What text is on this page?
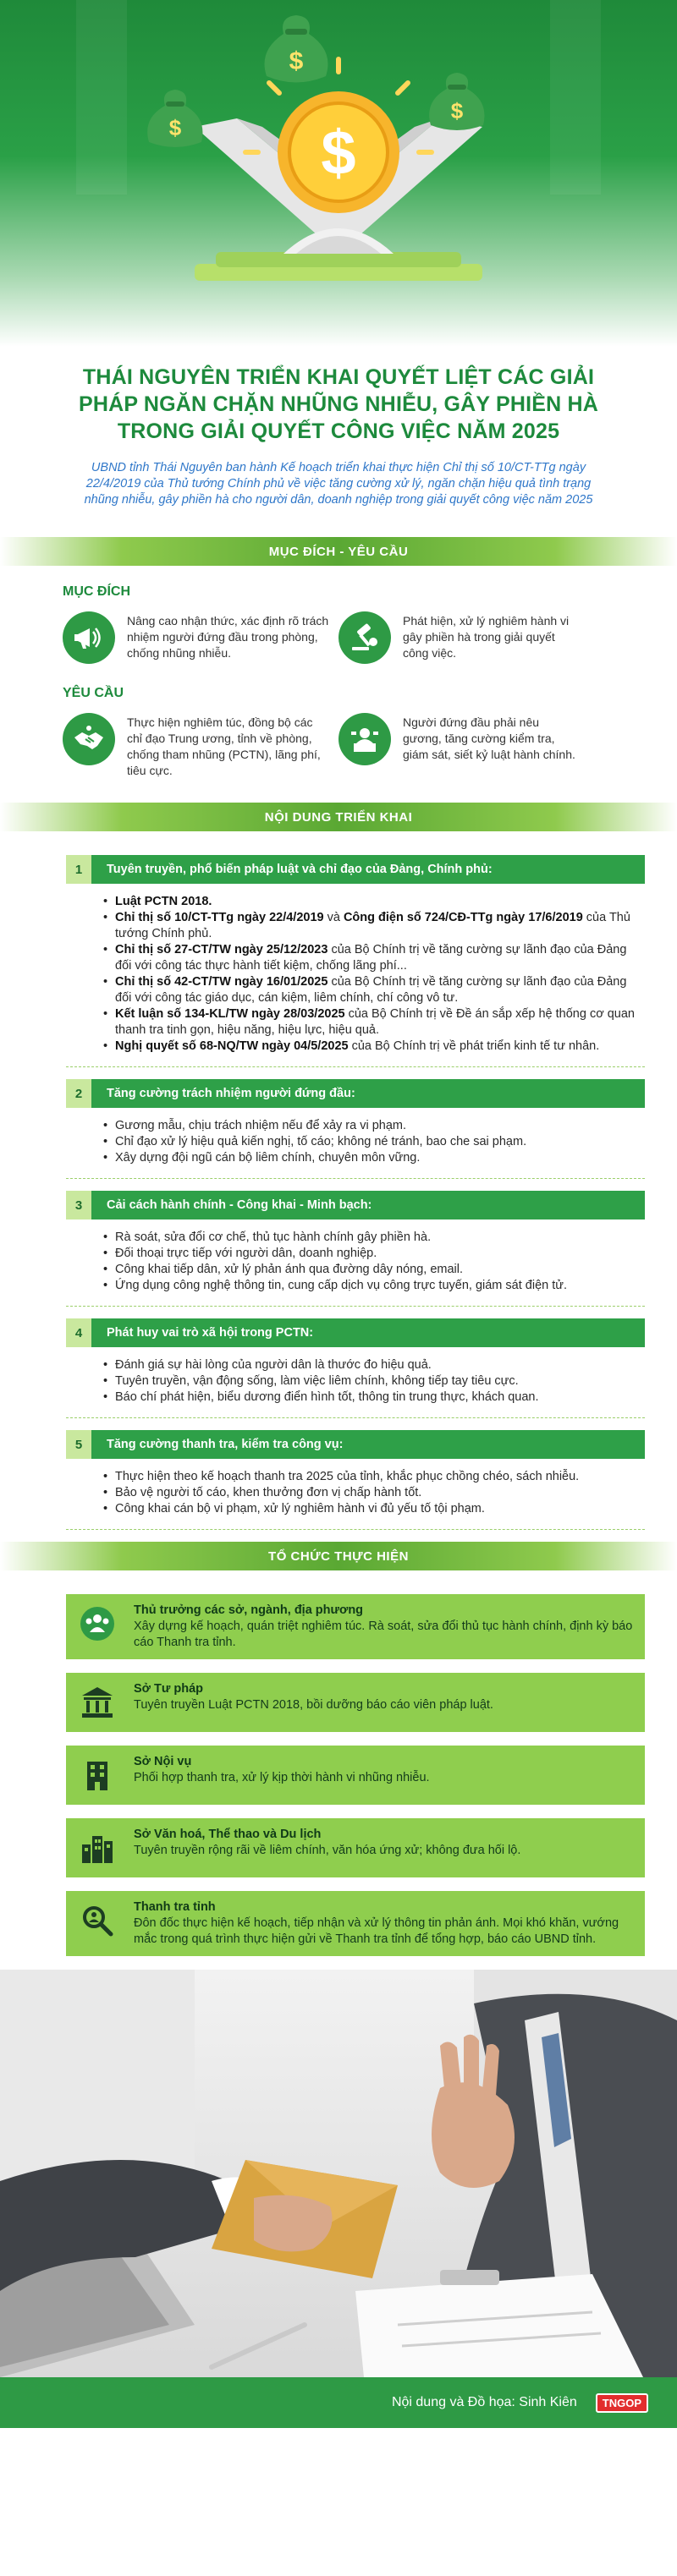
$
$
$
$
THÁI NGUYÊN TRIỂN KHAI QUYẾT LIỆT CÁC GIẢI PHÁP NGĂN CHẶN NHŨNG NHIỄU, GÂY PHIỀN HÀ TRONG GIẢI QUYẾT CÔNG VIỆC NĂM 2025

UBND tỉnh Thái Nguyên ban hành Kế hoạch triển khai thực hiện Chỉ thị số 10/CT-TTg ngày 22/4/2019 của Thủ tướng Chính phủ về việc tăng cường xử lý, ngăn chặn hiệu quả tình trạng nhũng nhiễu, gây phiền hà cho người dân, doanh nghiệp trong giải quyết công việc năm 2025

MỤC ĐÍCH - YÊU CẦU
MỤC ĐÍCH

Nâng cao nhận thức, xác định rõ trách nhiệm người đứng đầu trong phòng, chống nhũng nhiễu.

Phát hiện, xử lý nghiêm hành vi gây phiền hà trong giải quyết công việc.

YÊU CẦU

Thực hiện nghiêm túc, đồng bộ các chỉ đạo Trung ương, tỉnh về phòng, chống tham nhũng (PCTN), lãng phí, tiêu cực.

Người đứng đầu phải nêu gương, tăng cường kiểm tra, giám sát, siết kỷ luật hành chính.

NỘI DUNG TRIỂN KHAI
1	Tuyên truyền, phổ biến pháp luật và chỉ đạo của Đảng, Chính phủ:
• Luật PCTN 2018.
• Chỉ thị số 10/CT-TTg ngày 22/4/2019 và Công điện số 724/CĐ-TTg ngày 17/6/2019 của Thủ tướng Chính phủ.
• Chỉ thị số 27-CT/TW ngày 25/12/2023 của Bộ Chính trị về tăng cường sự lãnh đạo của Đảng đối với công tác thực hành tiết kiệm, chống lãng phí...
• Chỉ thị số 42-CT/TW ngày 16/01/2025 của Bộ Chính trị về tăng cường sự lãnh đạo của Đảng đối với công tác giáo dục, cán kiệm, liêm chính, chí công vô tư.
• Kết luận số 134-KL/TW ngày 28/03/2025 của Bộ Chính trị về Đề án sắp xếp hệ thống cơ quan thanh tra tinh gọn, hiệu năng, hiệu lực, hiệu quả.
• Nghị quyết số 68-NQ/TW ngày 04/5/2025 của Bộ Chính trị về phát triển kinh tế tư nhân.
2	Tăng cường trách nhiệm người đứng đầu:
• Gương mẫu, chịu trách nhiệm nếu để xảy ra vi phạm.
• Chỉ đạo xử lý hiệu quả kiến nghị, tố cáo; không né tránh, bao che sai phạm.
• Xây dựng đội ngũ cán bộ liêm chính, chuyên môn vững.
3	Cải cách hành chính - Công khai - Minh bạch:
• Rà soát, sửa đổi cơ chế, thủ tục hành chính gây phiền hà.
• Đối thoại trực tiếp với người dân, doanh nghiệp.
• Công khai tiếp dân, xử lý phản ánh qua đường dây nóng, email.
• Ứng dụng công nghệ thông tin, cung cấp dịch vụ công trực tuyến, giám sát điện tử.
4	Phát huy vai trò xã hội trong PCTN:
• Đánh giá sự hài lòng của người dân là thước đo hiệu quả.
• Tuyên truyền, vận động sống, làm việc liêm chính, không tiếp tay tiêu cực.
• Báo chí phát hiện, biểu dương điển hình tốt, thông tin trung thực, khách quan.
5	Tăng cường thanh tra, kiểm tra công vụ:
• Thực hiện theo kế hoạch thanh tra 2025 của tỉnh, khắc phục chồng chéo, sách nhiễu.
• Bảo vệ người tố cáo, khen thưởng đơn vị chấp hành tốt.
• Công khai cán bộ vi phạm, xử lý nghiêm hành vi đủ yếu tố tội phạm.
TỔ CHỨC THỰC HIỆN
Thủ trưởng các sở, ngành, địa phương
Xây dựng kế hoạch, quán triệt nghiêm túc. Rà soát, sửa đổi thủ tục hành chính, định kỳ báo cáo Thanh tra tỉnh.
Sở Tư pháp
Tuyên truyền Luật PCTN 2018, bồi dưỡng báo cáo viên pháp luật.
Sở Nội vụ
Phối hợp thanh tra, xử lý kịp thời hành vi nhũng nhiễu.
Sở Văn hoá, Thể thao và Du lịch
Tuyên truyền rộng rãi về liêm chính, văn hóa ứng xử; không đưa hối lộ.
Thanh tra tỉnh
Đôn đốc thực hiện kế hoạch, tiếp nhận và xử lý thông tin phản ánh. Mọi khó khăn, vướng mắc trong quá trình thực hiện gửi về Thanh tra tỉnh để tổng hợp, báo cáo UBND tỉnh.
Nội dung và Đồ họa: Sinh Kiên	TNGOP
